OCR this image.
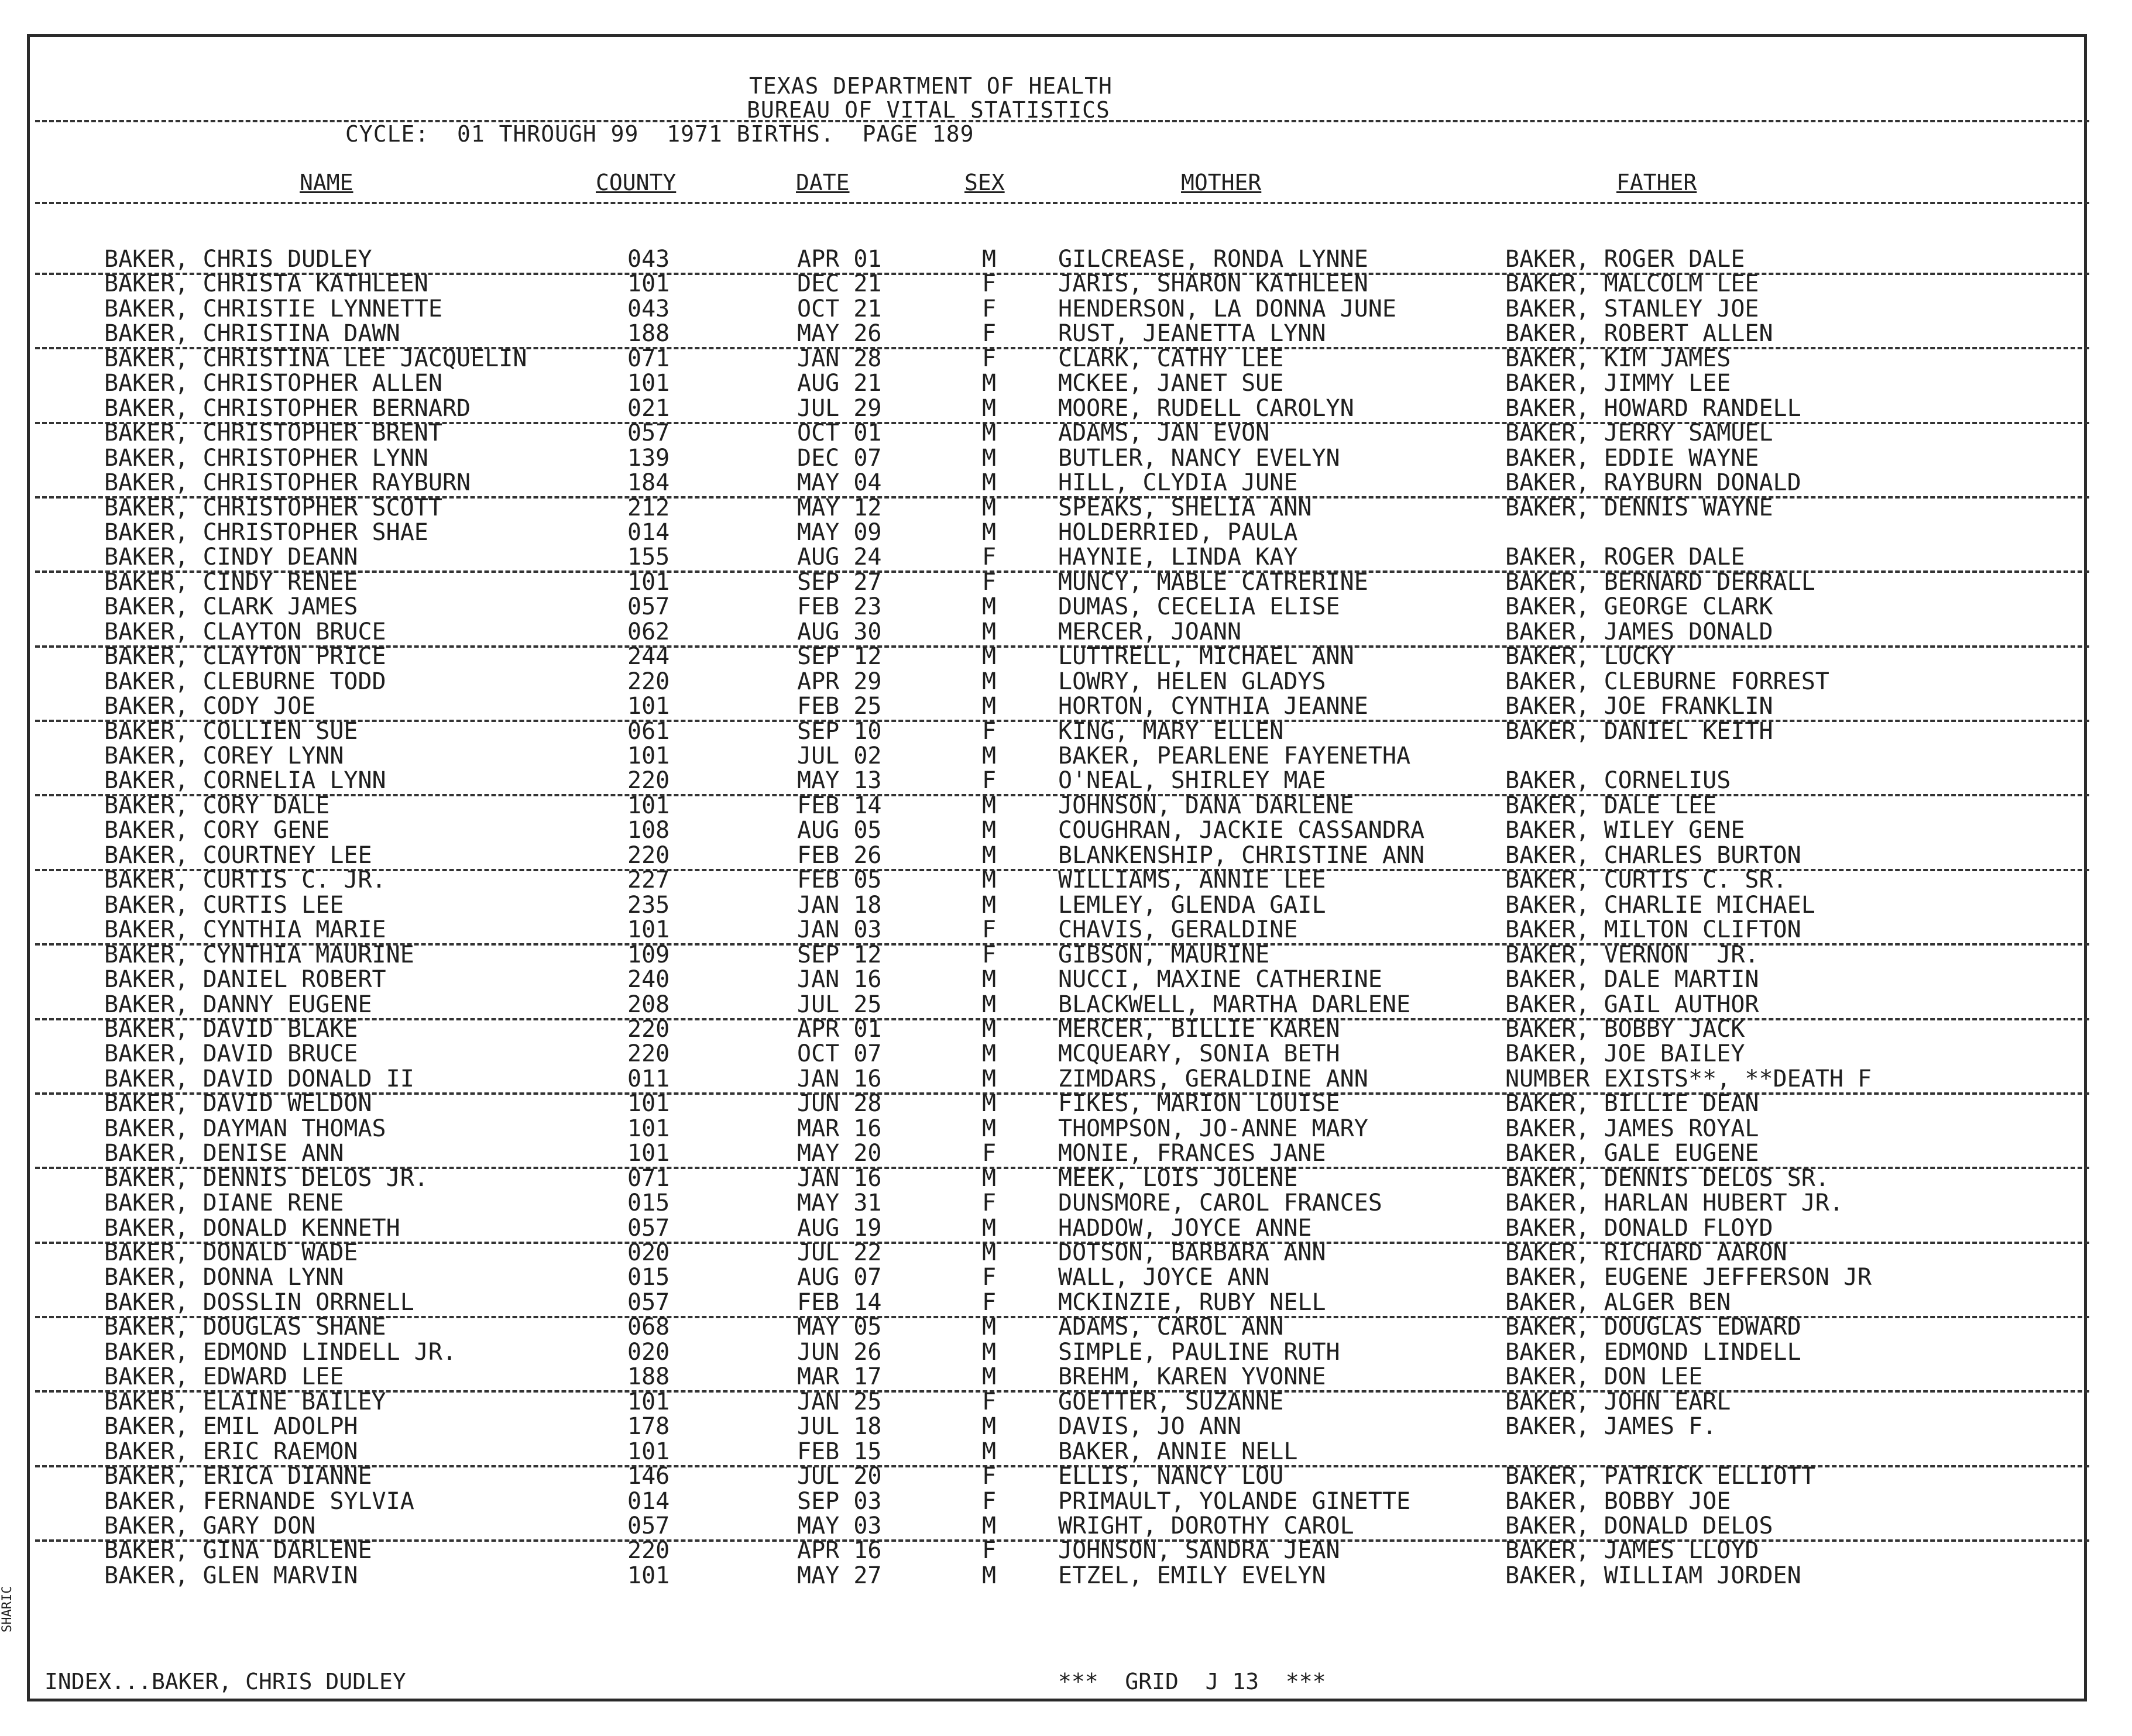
TEXAS DEPARTMENT OF HEALTH
BUREAU OF VITAL STATISTICS
CYCLE:  01 THROUGH 99  1971 BIRTHS.  PAGE 189
NAME	COUNTY	DATE	SEX	MOTHER	FATHER
BAKER, CHRIS DUDLEY	043	APR 01	M	GILCREASE, RONDA LYNNE	BAKER, ROGER DALE
BAKER, CHRISTA KATHLEEN	101	DEC 21	F	JARIS, SHARON KATHLEEN	BAKER, MALCOLM LEE
BAKER, CHRISTIE LYNNETTE	043	OCT 21	F	HENDERSON, LA DONNA JUNE	BAKER, STANLEY JOE
BAKER, CHRISTINA DAWN	188	MAY 26	F	RUST, JEANETTA LYNN	BAKER, ROBERT ALLEN
BAKER, CHRISTINA LEE JACQUELIN	071	JAN 28	F	CLARK, CATHY LEE	BAKER, KIM JAMES
BAKER, CHRISTOPHER ALLEN	101	AUG 21	M	MCKEE, JANET SUE	BAKER, JIMMY LEE
BAKER, CHRISTOPHER BERNARD	021	JUL 29	M	MOORE, RUDELL CAROLYN	BAKER, HOWARD RANDELL
BAKER, CHRISTOPHER BRENT	057	OCT 01	M	ADAMS, JAN EVON	BAKER, JERRY SAMUEL
BAKER, CHRISTOPHER LYNN	139	DEC 07	M	BUTLER, NANCY EVELYN	BAKER, EDDIE WAYNE
BAKER, CHRISTOPHER RAYBURN	184	MAY 04	M	HILL, CLYDIA JUNE	BAKER, RAYBURN DONALD
BAKER, CHRISTOPHER SCOTT	212	MAY 12	M	SPEAKS, SHELIA ANN	BAKER, DENNIS WAYNE
BAKER, CHRISTOPHER SHAE	014	MAY 09	M	HOLDERRIED, PAULA
BAKER, CINDY DEANN	155	AUG 24	F	HAYNIE, LINDA KAY	BAKER, ROGER DALE
BAKER, CINDY RENEE	101	SEP 27	F	MUNCY, MABLE CATRERINE	BAKER, BERNARD DERRALL
BAKER, CLARK JAMES	057	FEB 23	M	DUMAS, CECELIA ELISE	BAKER, GEORGE CLARK
BAKER, CLAYTON BRUCE	062	AUG 30	M	MERCER, JOANN	BAKER, JAMES DONALD
BAKER, CLAYTON PRICE	244	SEP 12	M	LUTTRELL, MICHAEL ANN	BAKER, LUCKY
BAKER, CLEBURNE TODD	220	APR 29	M	LOWRY, HELEN GLADYS	BAKER, CLEBURNE FORREST
BAKER, CODY JOE	101	FEB 25	M	HORTON, CYNTHIA JEANNE	BAKER, JOE FRANKLIN
BAKER, COLLIEN SUE	061	SEP 10	F	KING, MARY ELLEN	BAKER, DANIEL KEITH
BAKER, COREY LYNN	101	JUL 02	M	BAKER, PEARLENE FAYENETHA
BAKER, CORNELIA LYNN	220	MAY 13	F	O'NEAL, SHIRLEY MAE	BAKER, CORNELIUS
BAKER, CORY DALE	101	FEB 14	M	JOHNSON, DANA DARLENE	BAKER, DALE LEE
BAKER, CORY GENE	108	AUG 05	M	COUGHRAN, JACKIE CASSANDRA	BAKER, WILEY GENE
BAKER, COURTNEY LEE	220	FEB 26	M	BLANKENSHIP, CHRISTINE ANN	BAKER, CHARLES BURTON
BAKER, CURTIS C. JR.	227	FEB 05	M	WILLIAMS, ANNIE LEE	BAKER, CURTIS C. SR.
BAKER, CURTIS LEE	235	JAN 18	M	LEMLEY, GLENDA GAIL	BAKER, CHARLIE MICHAEL
BAKER, CYNTHIA MARIE	101	JAN 03	F	CHAVIS, GERALDINE	BAKER, MILTON CLIFTON
BAKER, CYNTHIA MAURINE	109	SEP 12	F	GIBSON, MAURINE	BAKER, VERNON  JR.
BAKER, DANIEL ROBERT	240	JAN 16	M	NUCCI, MAXINE CATHERINE	BAKER, DALE MARTIN
BAKER, DANNY EUGENE	208	JUL 25	M	BLACKWELL, MARTHA DARLENE	BAKER, GAIL AUTHOR
BAKER, DAVID BLAKE	220	APR 01	M	MERCER, BILLIE KAREN	BAKER, BOBBY JACK
BAKER, DAVID BRUCE	220	OCT 07	M	MCQUEARY, SONIA BETH	BAKER, JOE BAILEY
BAKER, DAVID DONALD II	011	JAN 16	M	ZIMDARS, GERALDINE ANN	NUMBER EXISTS**, **DEATH F
BAKER, DAVID WELDON	101	JUN 28	M	FIKES, MARION LOUISE	BAKER, BILLIE DEAN
BAKER, DAYMAN THOMAS	101	MAR 16	M	THOMPSON, JO-ANNE MARY	BAKER, JAMES ROYAL
BAKER, DENISE ANN	101	MAY 20	F	MONIE, FRANCES JANE	BAKER, GALE EUGENE
BAKER, DENNIS DELOS JR.	071	JAN 16	M	MEEK, LOIS JOLENE	BAKER, DENNIS DELOS SR.
BAKER, DIANE RENE	015	MAY 31	F	DUNSMORE, CAROL FRANCES	BAKER, HARLAN HUBERT JR.
BAKER, DONALD KENNETH	057	AUG 19	M	HADDOW, JOYCE ANNE	BAKER, DONALD FLOYD
BAKER, DONALD WADE	020	JUL 22	M	DOTSON, BARBARA ANN	BAKER, RICHARD AARON
BAKER, DONNA LYNN	015	AUG 07	F	WALL, JOYCE ANN	BAKER, EUGENE JEFFERSON JR
BAKER, DOSSLIN ORRNELL	057	FEB 14	F	MCKINZIE, RUBY NELL	BAKER, ALGER BEN
BAKER, DOUGLAS SHANE	068	MAY 05	M	ADAMS, CAROL ANN	BAKER, DOUGLAS EDWARD
BAKER, EDMOND LINDELL JR.	020	JUN 26	M	SIMPLE, PAULINE RUTH	BAKER, EDMOND LINDELL
BAKER, EDWARD LEE	188	MAR 17	M	BREHM, KAREN YVONNE	BAKER, DON LEE
BAKER, ELAINE BAILEY	101	JAN 25	F	GOETTER, SUZANNE	BAKER, JOHN EARL
BAKER, EMIL ADOLPH	178	JUL 18	M	DAVIS, JO ANN	BAKER, JAMES F.
BAKER, ERIC RAEMON	101	FEB 15	M	BAKER, ANNIE NELL
BAKER, ERICA DIANNE	146	JUL 20	F	ELLIS, NANCY LOU	BAKER, PATRICK ELLIOTT
BAKER, FERNANDE SYLVIA	014	SEP 03	F	PRIMAULT, YOLANDE GINETTE	BAKER, BOBBY JOE
BAKER, GARY DON	057	MAY 03	M	WRIGHT, DOROTHY CAROL	BAKER, DONALD DELOS
BAKER, GINA DARLENE	220	APR 16	F	JOHNSON, SANDRA JEAN	BAKER, JAMES LLOYD
BAKER, GLEN MARVIN	101	MAY 27	M	ETZEL, EMILY EVELYN	BAKER, WILLIAM JORDEN
INDEX...BAKER, CHRIS DUDLEY	***  GRID  J 13  ***
SHARIC
